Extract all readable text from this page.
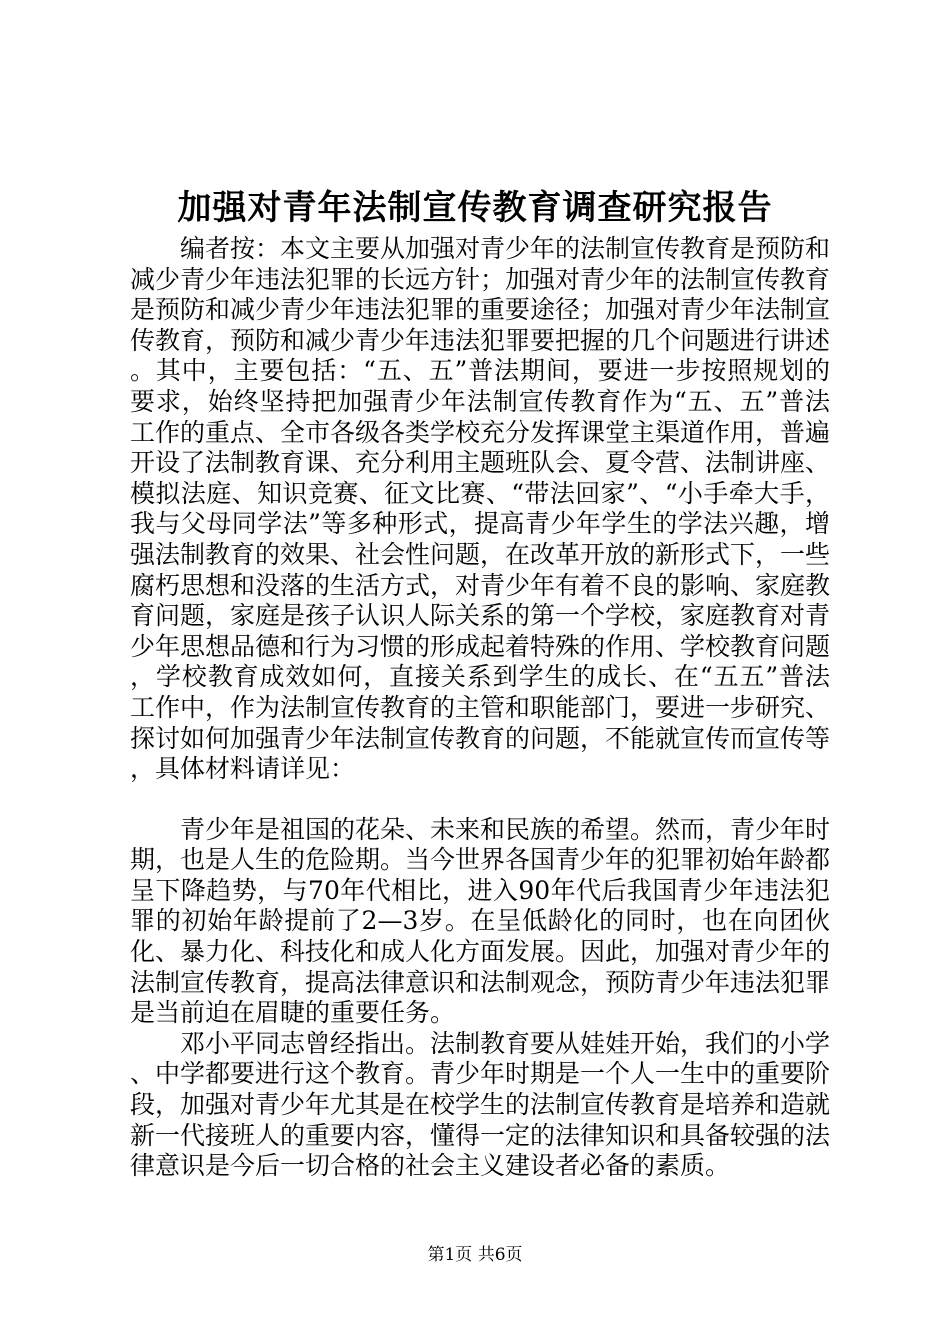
加强对青年法制宣传教育调查研究报告

编者按：本文主要从加强对青少年的法制宣传教育是预防和减少青少年违法犯罪的长远方针；加强对青少年的法制宣传教育是预防和减少青少年违法犯罪的重要途径；加强对青少年法制宣传教育，预防和减少青少年违法犯罪要把握的几个问题进行讲述。其中，主要包括：“五、五”普法期间，要进一步按照规划的要求，始终坚持把加强青少年法制宣传教育作为“五、五”普法工作的重点、全市各级各类学校充分发挥课堂主渠道作用，普遍开设了法制教育课、充分利用主题班队会、夏令营、法制讲座、模拟法庭、知识竞赛、征文比赛、“带法回家”、“小手牵大手，我与父母同学法”等多种形式，提高青少年学生的学法兴趣，增强法制教育的效果、社会性问题，在改革开放的新形式下，一些腐朽思想和没落的生活方式，对青少年有着不良的影响、家庭教育问题，家庭是孩子认识人际关系的第一个学校，家庭教育对青少年思想品德和行为习惯的形成起着特殊的作用、学校教育问题，学校教育成效如何，直接关系到学生的成长、在“五五”普法工作中，作为法制宣传教育的主管和职能部门，要进一步研究、探讨如何加强青少年法制宣传教育的问题，不能就宣传而宣传等，具体材料请详见：

青少年是祖国的花朵、未来和民族的希望。然而，青少年时期，也是人生的危险期。当今世界各国青少年的犯罪初始年龄都呈下降趋势，与70年代相比，进入90年代后我国青少年违法犯罪的初始年龄提前了2—3岁。在呈低龄化的同时，也在向团伙化、暴力化、科技化和成人化方面发展。因此，加强对青少年的法制宣传教育，提高法律意识和法制观念，预防青少年违法犯罪是当前迫在眉睫的重要任务。

邓小平同志曾经指出。法制教育要从娃娃开始，我们的小学、中学都要进行这个教育。青少年时期是一个人一生中的重要阶段，加强对青少年尤其是在校学生的法制宣传教育是培养和造就新一代接班人的重要内容，懂得一定的法律知识和具备较强的法律意识是今后一切合格的社会主义建设者必备的素质。

第1页 共6页
